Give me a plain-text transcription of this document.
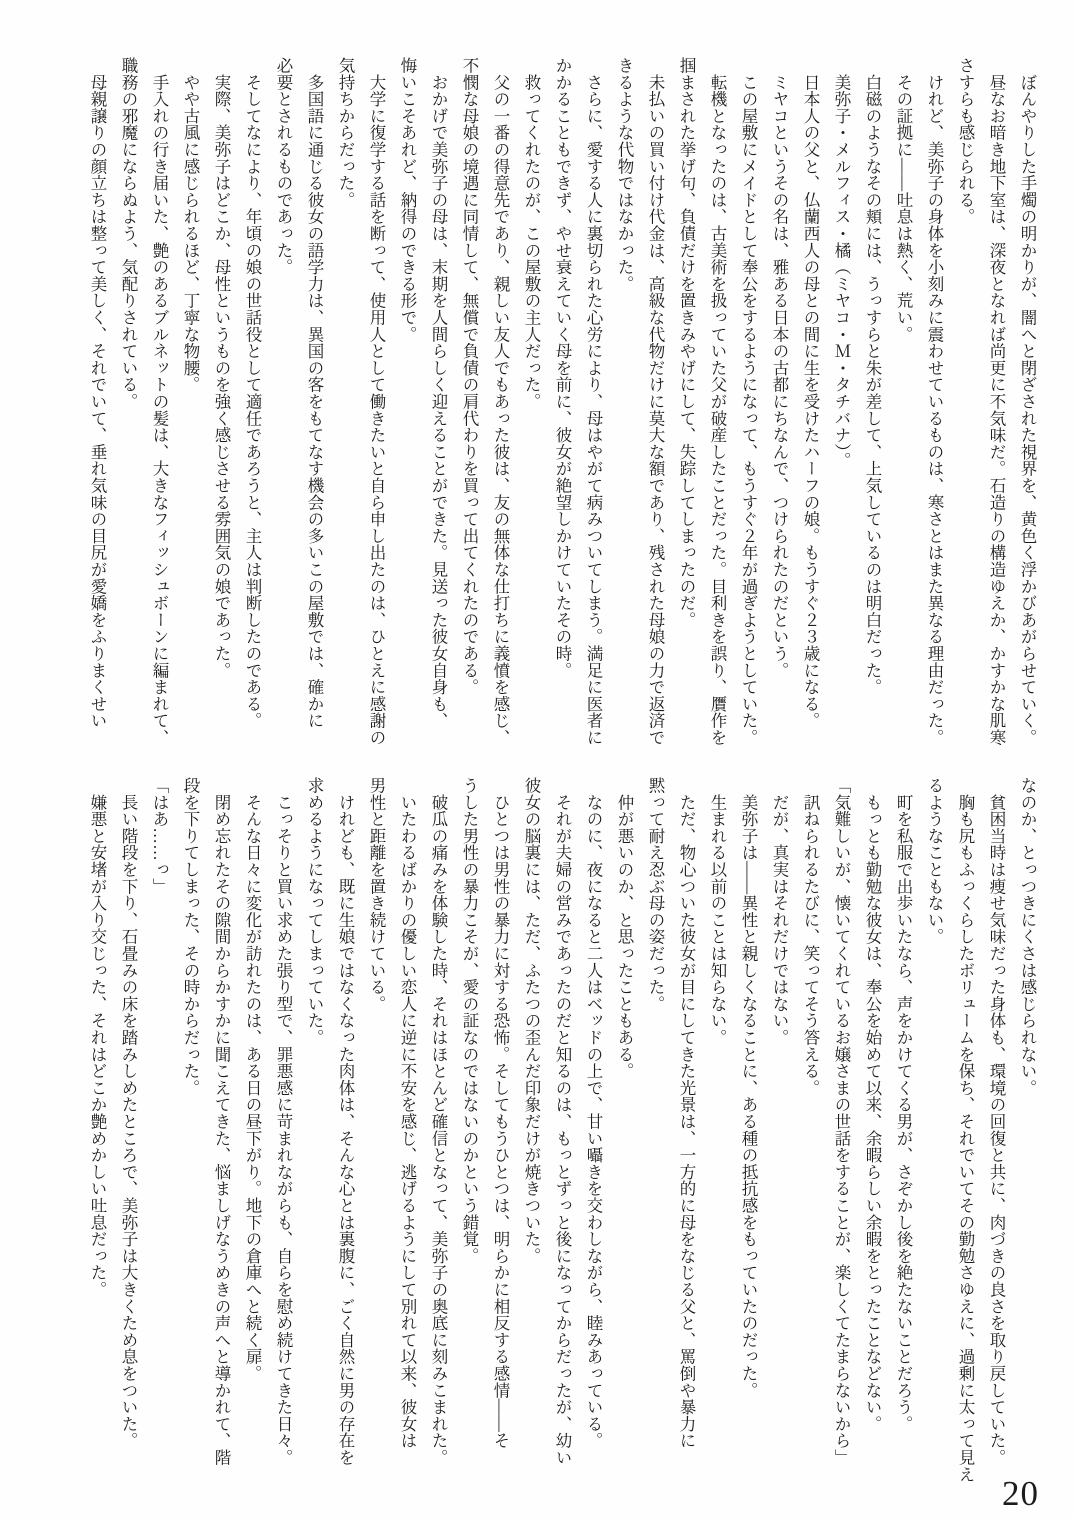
　ぼんやりした手燭の明かりが、闇へと閉ざされた視界を、黄色く浮かびあがらせていく。
　昼なお暗き地下室は、深夜となれば尚更に不気味だ。石造りの構造ゆえか、かすかな肌寒
さすらも感じられる。
　けれど、美弥子の身体を小刻みに震わせているものは、寒さとはまた異なる理由だった。
　その証拠に――吐息は熱く、荒い。
　白磁のようなその頬には、うっすらと朱が差して、上気しているのは明白だった。
　美弥子・メルフィス・橘（ミヤコ・Ｍ・タチバナ）。
　日本人の父と、仏蘭西人の母との間に生を受けたハーフの娘。もうすぐ２３歳になる。
　ミヤコというその名は、雅ある日本の古都にちなんで、つけられたのだという。
　この屋敷にメイドとして奉公をするようになって、もうすぐ２年が過ぎようとしていた。
　転機となったのは、古美術を扱っていた父が破産したことだった。目利きを誤り、贋作を
掴まされた挙げ句、負債だけを置きみやげにして、失踪してしまったのだ。
　未払いの買い付け代金は、高級な代物だけに莫大な額であり、残された母娘の力で返済で
きるような代物ではなかった。
　さらに、愛する人に裏切られた心労により、母はやがて病みついてしまう。満足に医者に
かかることもできず、やせ衰えていく母を前に、彼女が絶望しかけていたその時。
　救ってくれたのが、この屋敷の主人だった。
　父の一番の得意先であり、親しい友人でもあった彼は、友の無体な仕打ちに義憤を感じ、
不憫な母娘の境遇に同情して、無償で負債の肩代わりを買って出てくれたのである。
　おかげで美弥子の母は、末期を人間らしく迎えることができた。見送った彼女自身も、
悔いこそあれど、納得のできる形で。
　大学に復学する話を断って、使用人として働きたいと自ら申し出たのは、ひとえに感謝の
気持ちからだった。
　多国語に通じる彼女の語学力は、異国の客をもてなす機会の多いこの屋敷では、確かに
必要とされるものであった。
　そしてなにより、年頃の娘の世話役として適任であろうと、主人は判断したのである。
　実際、美弥子はどこか、母性というものを強く感じさせる雰囲気の娘であった。
　やや古風に感じられるほど、丁寧な物腰。
　手入れの行き届いた、艶のあるブルネットの髪は、大きなフィッシュボーンに編まれて、
職務の邪魔にならぬよう、気配りされている。
　母親譲りの顔立ちは整って美しく、それでいて、垂れ気味の目尻が愛嬌をふりまくせい
なのか、とっつきにくさは感じられない。
　貧困当時は痩せ気味だった身体も、環境の回復と共に、肉づきの良さを取り戻していた。
　胸も尻もふっくらしたボリュームを保ち、それでいてその勤勉さゆえに、過剰に太って見え
るようなこともない。
　町を私服で出歩いたなら、声をかけてくる男が、さぞかし後を絶たないことだろう。
　もっとも勤勉な彼女は、奉公を始めて以来、余暇らしい余暇をとったことなどない。
「気難しいが、懐いてくれているお嬢さまの世話をすることが、楽しくてたまらないから」
　訊ねられるたびに、笑ってそう答える。
　だが、真実はそれだけではない。
　美弥子は――異性と親しくなることに、ある種の抵抗感をもっていたのだった。
　生まれる以前のことは知らない。
　ただ、物心ついた彼女が目にしてきた光景は、一方的に母をなじる父と、罵倒や暴力に
黙って耐え忍ぶ母の姿だった。
　仲が悪いのか、と思ったこともある。
　なのに、夜になると二人はベッドの上で、甘い囁きを交わしながら、睦みあっている。
　それが夫婦の営みであったのだと知るのは、もっとずっと後になってからだったが、幼い
彼女の脳裏には、ただ、ふたつの歪んだ印象だけが焼きついた。
　ひとつは男性の暴力に対する恐怖。そしてもうひとつは、明らかに相反する感情――そ
うした男性の暴力こそが、愛の証なのではないのかという錯覚。
　破瓜の痛みを体験した時、それはほとんど確信となって、美弥子の奥底に刻みこまれた。
　いたわるばかりの優しい恋人に逆に不安を感じ、逃げるようにして別れて以来、彼女は
男性と距離を置き続けている。
　けれども、既に生娘ではなくなった肉体は、そんな心とは裏腹に、ごく自然に男の存在を
求めるようになってしまっていた。
　こっそりと買い求めた張り型で、罪悪感に苛まれながらも、自らを慰め続けてきた日々。
　そんな日々に変化が訪れたのは、ある日の昼下がり。地下の倉庫へと続く扉。
　閉め忘れたその隙間からかすかに聞こえてきた、悩ましげなうめきの声へと導かれて、階
段を下りてしまった、その時からだった。
「はあ……っ」
　長い階段を下り、石畳みの床を踏みしめたところで、美弥子は大きくため息をついた。
　嫌悪と安堵が入り交じった、それはどこか艶めかしい吐息だった。
20
